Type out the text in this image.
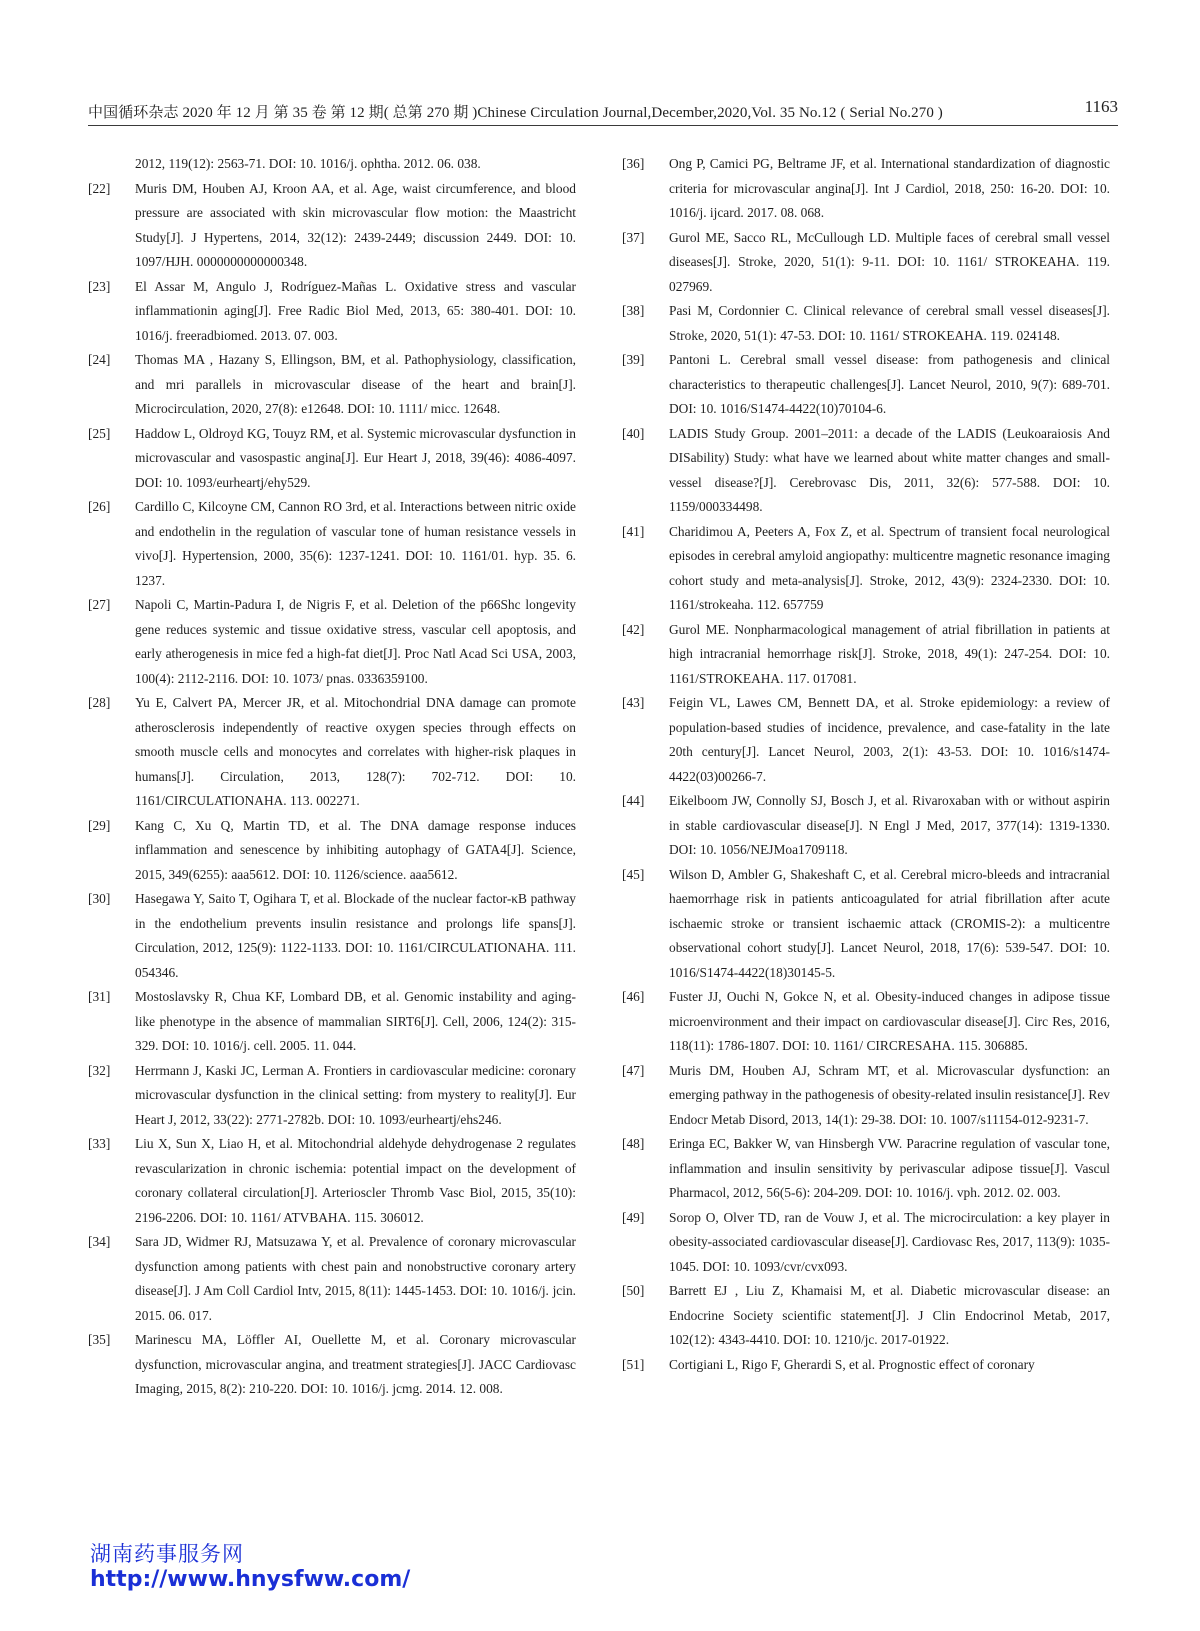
中国循环杂志 2020 年 12 月 第 35 卷 第 12 期( 总第 270 期 )Chinese Circulation Journal,December,2020,Vol. 35 No.12 ( Serial No.270 )	1163
2012, 119(12): 2563-71. DOI: 10. 1016/j. ophtha. 2012. 06. 038.
[22] Muris DM, Houben AJ, Kroon AA, et al. Age, waist circumference, and blood pressure are associated with skin microvascular flow motion: the Maastricht Study[J]. J Hypertens, 2014, 32(12): 2439-2449; discussion 2449. DOI: 10. 1097/HJH. 0000000000000348.
[23] El Assar M, Angulo J, Rodríguez-Mañas L. Oxidative stress and vascular inflammationin aging[J]. Free Radic Biol Med, 2013, 65: 380-401. DOI: 10. 1016/j. freeradbiomed. 2013. 07. 003.
[24] Thomas MA , Hazany S, Ellingson, BM, et al. Pathophysiology, classification, and mri parallels in microvascular disease of the heart and brain[J]. Microcirculation, 2020, 27(8): e12648. DOI: 10. 1111/ micc. 12648.
[25] Haddow L, Oldroyd KG, Touyz RM, et al. Systemic microvascular dysfunction in microvascular and vasospastic angina[J]. Eur Heart J, 2018, 39(46): 4086-4097. DOI: 10. 1093/eurheartj/ehy529.
[26] Cardillo C, Kilcoyne CM, Cannon RO 3rd, et al. Interactions between nitric oxide and endothelin in the regulation of vascular tone of human resistance vessels in vivo[J]. Hypertension, 2000, 35(6): 1237-1241. DOI: 10. 1161/01. hyp. 35. 6. 1237.
[27] Napoli C, Martin-Padura I, de Nigris F, et al. Deletion of the p66Shc longevity gene reduces systemic and tissue oxidative stress, vascular cell apoptosis, and early atherogenesis in mice fed a high-fat diet[J]. Proc Natl Acad Sci USA, 2003, 100(4): 2112-2116. DOI: 10. 1073/ pnas. 0336359100.
[28] Yu E, Calvert PA, Mercer JR, et al. Mitochondrial DNA damage can promote atherosclerosis independently of reactive oxygen species through effects on smooth muscle cells and monocytes and correlates with higher-risk plaques in humans[J]. Circulation, 2013, 128(7): 702-712. DOI: 10. 1161/CIRCULATIONAHA. 113. 002271.
[29] Kang C, Xu Q, Martin TD, et al. The DNA damage response induces inflammation and senescence by inhibiting autophagy of GATA4[J]. Science, 2015, 349(6255): aaa5612. DOI: 10. 1126/science. aaa5612.
[30] Hasegawa Y, Saito T, Ogihara T, et al. Blockade of the nuclear factor-κB pathway in the endothelium prevents insulin resistance and prolongs life spans[J]. Circulation, 2012, 125(9): 1122-1133. DOI: 10. 1161/CIRCULATIONAHA. 111. 054346.
[31] Mostoslavsky R, Chua KF, Lombard DB, et al. Genomic instability and aging-like phenotype in the absence of mammalian SIRT6[J]. Cell, 2006, 124(2): 315-329. DOI: 10. 1016/j. cell. 2005. 11. 044.
[32] Herrmann J, Kaski JC, Lerman A. Frontiers in cardiovascular medicine: coronary microvascular dysfunction in the clinical setting: from mystery to reality[J]. Eur Heart J, 2012, 33(22): 2771-2782b. DOI: 10. 1093/eurheartj/ehs246.
[33] Liu X, Sun X, Liao H, et al. Mitochondrial aldehyde dehydrogenase 2 regulates revascularization in chronic ischemia: potential impact on the development of coronary collateral circulation[J]. Arterioscler Thromb Vasc Biol, 2015, 35(10): 2196-2206. DOI: 10. 1161/ ATVBAHA. 115. 306012.
[34] Sara JD, Widmer RJ, Matsuzawa Y, et al. Prevalence of coronary microvascular dysfunction among patients with chest pain and nonobstructive coronary artery disease[J]. J Am Coll Cardiol Intv, 2015, 8(11): 1445-1453. DOI: 10. 1016/j. jcin. 2015. 06. 017.
[35] Marinescu MA, Löffler AI, Ouellette M, et al. Coronary microvascular dysfunction, microvascular angina, and treatment strategies[J]. JACC Cardiovasc Imaging, 2015, 8(2): 210-220. DOI: 10. 1016/j. jcmg. 2014. 12. 008.
[36] Ong P, Camici PG, Beltrame JF, et al. International standardization of diagnostic criteria for microvascular angina[J]. Int J Cardiol, 2018, 250: 16-20. DOI: 10. 1016/j. ijcard. 2017. 08. 068.
[37] Gurol ME, Sacco RL, McCullough LD. Multiple faces of cerebral small vessel diseases[J]. Stroke, 2020, 51(1): 9-11. DOI: 10. 1161/ STROKEAHA. 119. 027969.
[38] Pasi M, Cordonnier C. Clinical relevance of cerebral small vessel diseases[J]. Stroke, 2020, 51(1): 47-53. DOI: 10. 1161/ STROKEAHA. 119. 024148.
[39] Pantoni L. Cerebral small vessel disease: from pathogenesis and clinical characteristics to therapeutic challenges[J]. Lancet Neurol, 2010, 9(7): 689-701. DOI: 10. 1016/S1474-4422(10)70104-6.
[40] LADIS Study Group. 2001–2011: a decade of the LADIS (Leukoaraiosis And DISability) Study: what have we learned about white matter changes and small-vessel disease?[J]. Cerebrovasc Dis, 2011, 32(6): 577-588. DOI: 10. 1159/000334498.
[41] Charidimou A, Peeters A, Fox Z, et al. Spectrum of transient focal neurological episodes in cerebral amyloid angiopathy: multicentre magnetic resonance imaging cohort study and meta-analysis[J]. Stroke, 2012, 43(9): 2324-2330. DOI: 10. 1161/strokeaha. 112. 657759
[42] Gurol ME. Nonpharmacological management of atrial fibrillation in patients at high intracranial hemorrhage risk[J]. Stroke, 2018, 49(1): 247-254. DOI: 10. 1161/STROKEAHA. 117. 017081.
[43] Feigin VL, Lawes CM, Bennett DA, et al. Stroke epidemiology: a review of population-based studies of incidence, prevalence, and case-fatality in the late 20th century[J]. Lancet Neurol, 2003, 2(1): 43-53. DOI: 10. 1016/s1474-4422(03)00266-7.
[44] Eikelboom JW, Connolly SJ, Bosch J, et al. Rivaroxaban with or without aspirin in stable cardiovascular disease[J]. N Engl J Med, 2017, 377(14): 1319-1330. DOI: 10. 1056/NEJMoa1709118.
[45] Wilson D, Ambler G, Shakeshaft C, et al. Cerebral micro-bleeds and intracranial haemorrhage risk in patients anticoagulated for atrial fibrillation after acute ischaemic stroke or transient ischaemic attack (CROMIS-2): a multicentre observational cohort study[J]. Lancet Neurol, 2018, 17(6): 539-547. DOI: 10. 1016/S1474-4422(18)30145-5.
[46] Fuster JJ, Ouchi N, Gokce N, et al. Obesity-induced changes in adipose tissue microenvironment and their impact on cardiovascular disease[J]. Circ Res, 2016, 118(11): 1786-1807. DOI: 10. 1161/ CIRCRESAHA. 115. 306885.
[47] Muris DM, Houben AJ, Schram MT, et al. Microvascular dysfunction: an emerging pathway in the pathogenesis of obesity-related insulin resistance[J]. Rev Endocr Metab Disord, 2013, 14(1): 29-38. DOI: 10. 1007/s11154-012-9231-7.
[48] Eringa EC, Bakker W, van Hinsbergh VW. Paracrine regulation of vascular tone, inflammation and insulin sensitivity by perivascular adipose tissue[J]. Vascul Pharmacol, 2012, 56(5-6): 204-209. DOI: 10. 1016/j. vph. 2012. 02. 003.
[49] Sorop O, Olver TD, ran de Vouw J, et al. The microcirculation: a key player in obesity-associated cardiovascular disease[J]. Cardiovasc Res, 2017, 113(9): 1035-1045. DOI: 10. 1093/cvr/cvx093.
[50] Barrett EJ , Liu Z, Khamaisi M, et al. Diabetic microvascular disease: an Endocrine Society scientific statement[J]. J Clin Endocrinol Metab, 2017, 102(12): 4343-4410. DOI: 10. 1210/jc. 2017-01922.
[51] Cortigiani L, Rigo F, Gherardi S, et al. Prognostic effect of coronary
湖南药事服务网
http://www.hnysfww.com/
